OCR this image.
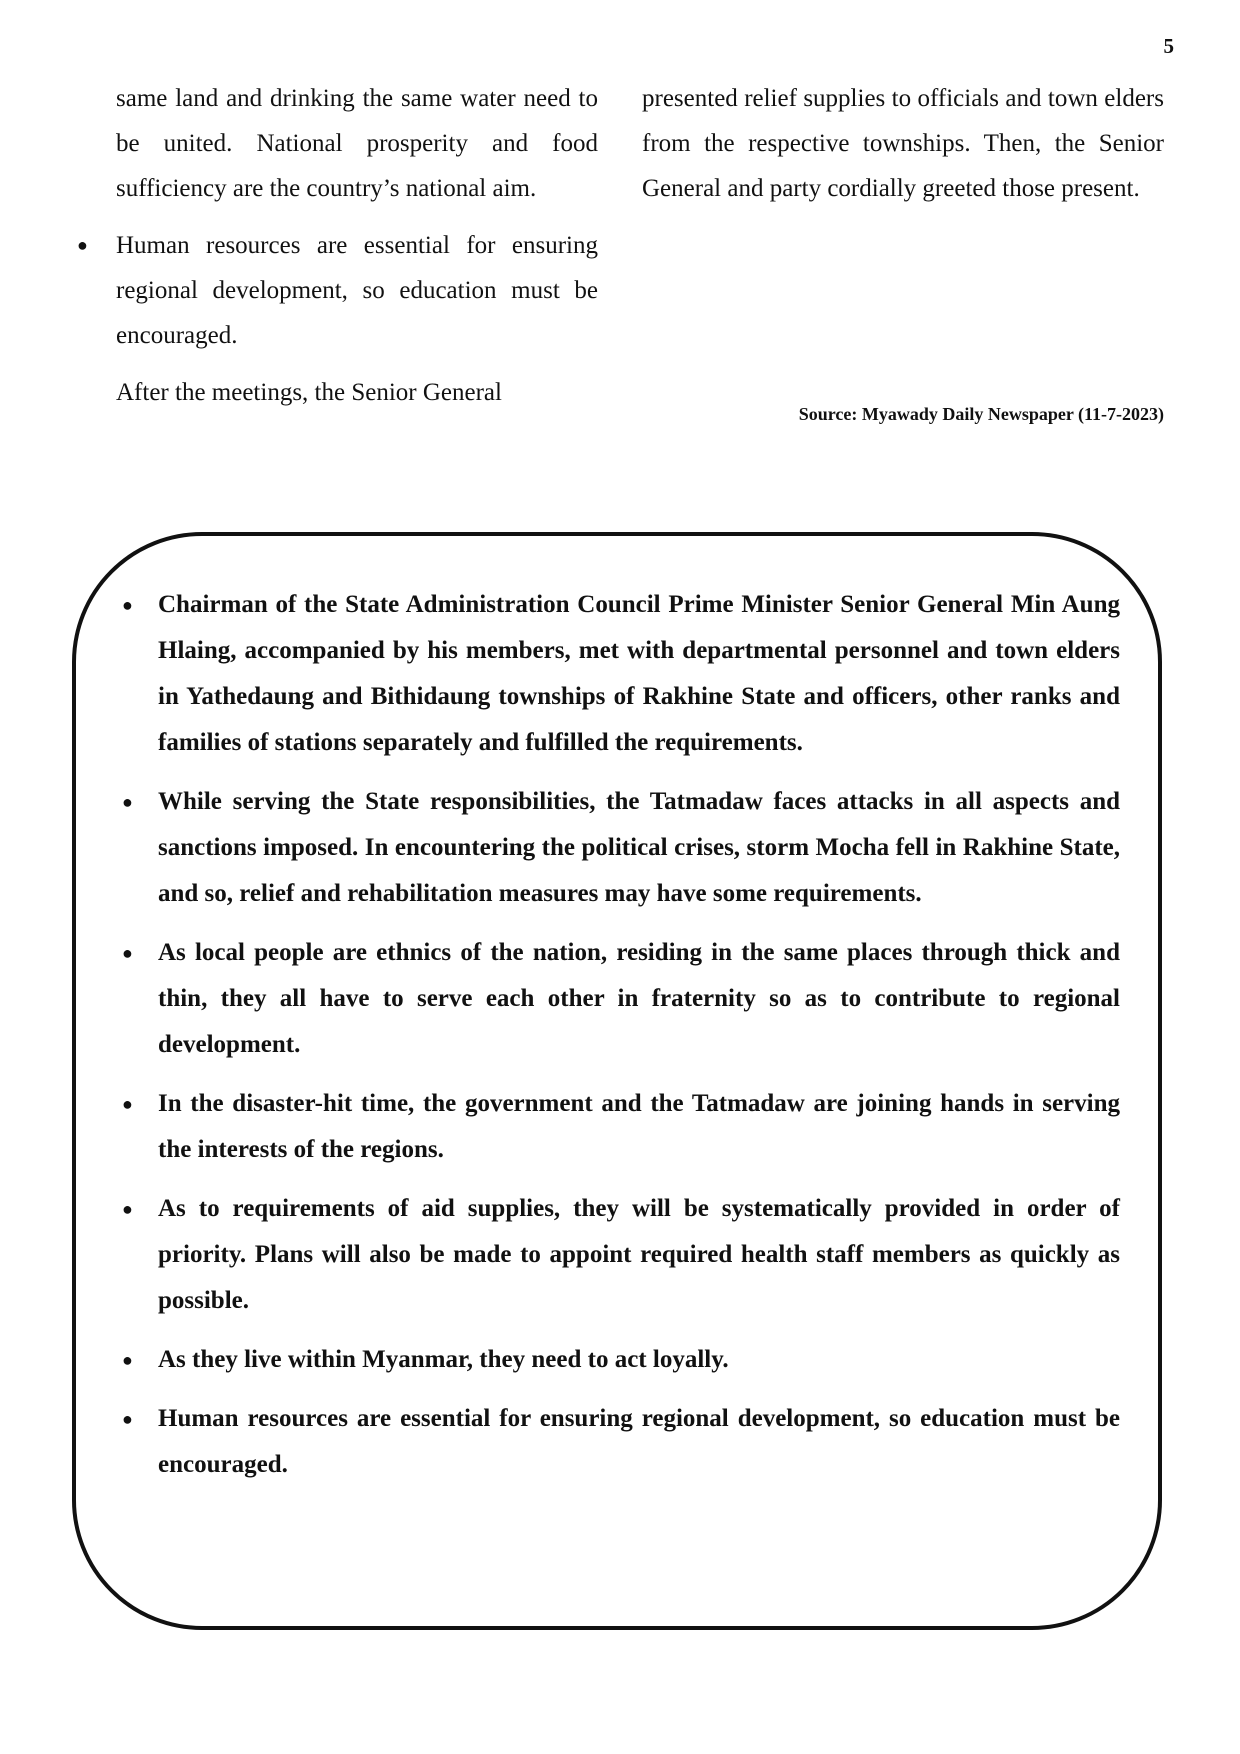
5

same land and drinking the same water need to be united. National prosperity and food sufficiency are the country’s national aim.

● Human resources are essential for ensuring regional development, so education must be encouraged.

After the meetings, the Senior General

presented relief supplies to officials and town elders from the respective townships. Then, the Senior General and party cordially greeted those present.

Source: Myawady Daily Newspaper (11-7-2023)
● Chairman of the State Administration Council Prime Minister Senior General Min Aung Hlaing, accompanied by his members, met with departmental personnel and town elders in Yathedaung and Bithidaung townships of Rakhine State and officers, other ranks and families of stations separately and fulfilled the requirements.
● While serving the State responsibilities, the Tatmadaw faces attacks in all aspects and sanctions imposed. In encountering the political crises, storm Mocha fell in Rakhine State, and so, relief and rehabilitation measures may have some requirements.
● As local people are ethnics of the nation, residing in the same places through thick and thin, they all have to serve each other in fraternity so as to contribute to regional development.
● In the disaster-hit time, the government and the Tatmadaw are joining hands in serving the interests of the regions.
● As to requirements of aid supplies, they will be systematically provided in order of priority. Plans will also be made to appoint required health staff members as quickly as possible.
● As they live within Myanmar, they need to act loyally.
● Human resources are essential for ensuring regional development, so education must be encouraged.
